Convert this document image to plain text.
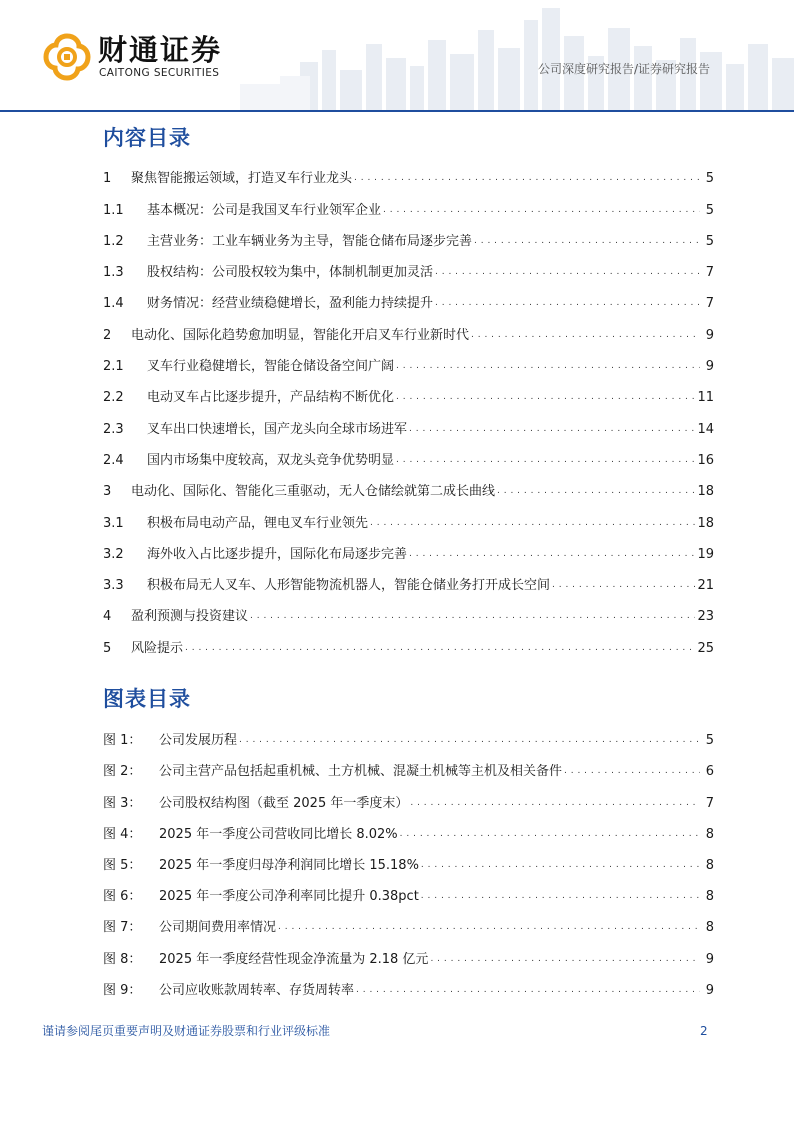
财通证券
CAITONG SECURITIES	公司深度研究报告/证券研究报告
内容目录
1	聚焦智能搬运领域，打造叉车行业龙头 . . .	5
1.1	基本概况：公司是我国叉车行业领军企业 . . .	5
1.2	主营业务：工业车辆业务为主导，智能仓储布局逐步完善 . . .	5
1.3	股权结构：公司股权较为集中，体制机制更加灵活 . . .	7
1.4	财务情况：经营业绩稳健增长，盈利能力持续提升 . . .	7
2	电动化、国际化趋势愈加明显，智能化开启叉车行业新时代 . . .	9
2.1	叉车行业稳健增长，智能仓储设备空间广阔 . . .	9
2.2	电动叉车占比逐步提升，产品结构不断优化 . . .	11
2.3	叉车出口快速增长，国产龙头向全球市场进军 . . .	14
2.4	国内市场集中度较高，双龙头竞争优势明显 . . .	16
3	电动化、国际化、智能化三重驱动，无人仓储绘就第二成长曲线 . . .	18
3.1	积极布局电动产品，锂电叉车行业领先 . . .	18
3.2	海外收入占比逐步提升，国际化布局逐步完善 . . .	19
3.3	积极布局无人叉车、人形智能物流机器人，智能仓储业务打开成长空间 . . .	21
4	盈利预测与投资建议 . . .	23
5	风险提示 . . .	25
图表目录
图 1：	公司发展历程 . . .	5
图 2：	公司主营产品包括起重机械、土方机械、混凝土机械等主机及相关备件 . . .	6
图 3：	公司股权结构图（截至 2025 年一季度末） . . .	7
图 4：	2025 年一季度公司营收同比增长 8.02% . . .	8
图 5：	2025 年一季度归母净利润同比增长 15.18% . . .	8
图 6：	2025 年一季度公司净利率同比提升 0.38pct . . .	8
图 7：	公司期间费用率情况 . . .	8
图 8：	2025 年一季度经营性现金净流量为 2.18 亿元 . . .	9
图 9：	公司应收账款周转率、存货周转率 . . .	9
谨请参阅尾页重要声明及财通证券股票和行业评级标准	2
